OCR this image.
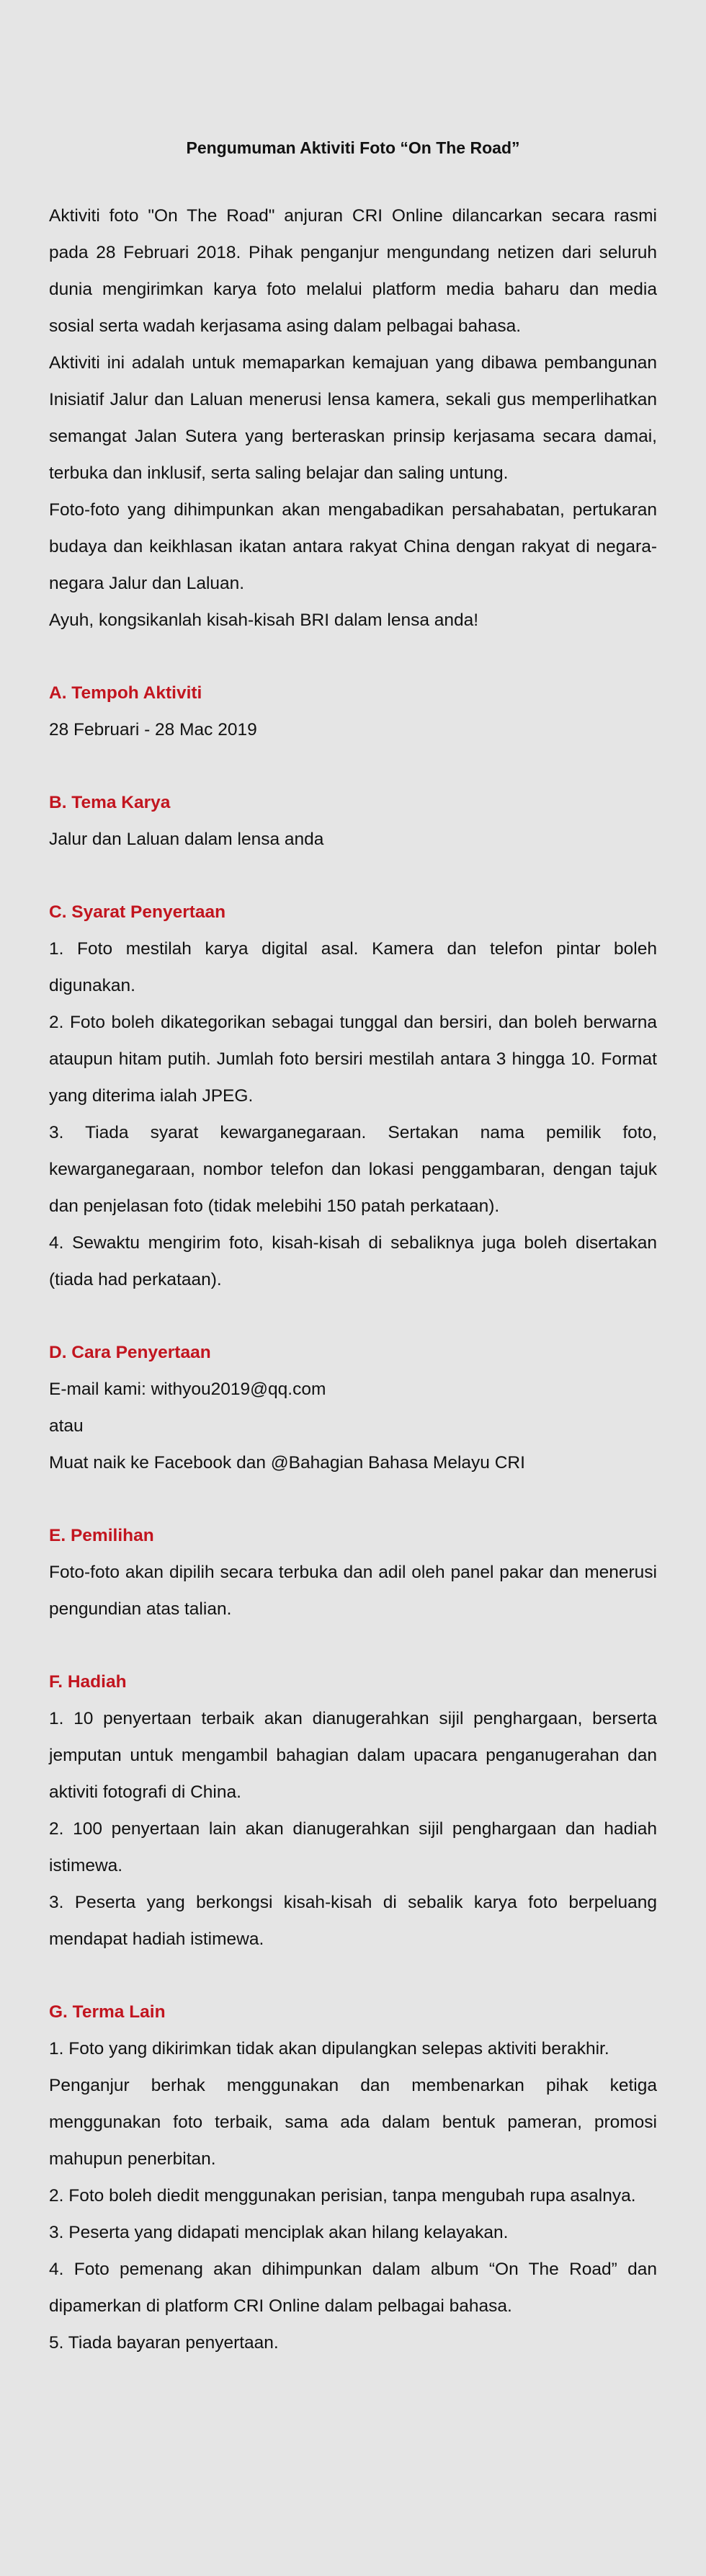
Pengumuman Aktiviti Foto “On The Road”

Aktiviti foto "On The Road" anjuran CRI Online dilancarkan secara rasmi pada 28 Februari 2018. Pihak penganjur mengundang netizen dari seluruh dunia mengirimkan karya foto melalui platform media baharu dan media sosial serta wadah kerjasama asing dalam pelbagai bahasa.

Aktiviti ini adalah untuk memaparkan kemajuan yang dibawa pembangunan Inisiatif Jalur dan Laluan menerusi lensa kamera, sekali gus memperlihatkan semangat Jalan Sutera yang berteraskan prinsip kerjasama secara damai, terbuka dan inklusif, serta saling belajar dan saling untung.

Foto-foto yang dihimpunkan akan mengabadikan persahabatan, pertukaran budaya dan keikhlasan ikatan antara rakyat China dengan rakyat di negara-negara Jalur dan Laluan.

Ayuh, kongsikanlah kisah-kisah BRI dalam lensa anda!

A. Tempoh Aktiviti

28 Februari - 28 Mac 2019

B. Tema Karya

Jalur dan Laluan dalam lensa anda

C. Syarat Penyertaan

1. Foto mestilah karya digital asal. Kamera dan telefon pintar boleh digunakan.

2. Foto boleh dikategorikan sebagai tunggal dan bersiri, dan boleh berwarna ataupun hitam putih. Jumlah foto bersiri mestilah antara 3 hingga 10. Format yang diterima ialah JPEG.

3. Tiada syarat kewarganegaraan. Sertakan nama pemilik foto, kewarganegaraan, nombor telefon dan lokasi penggambaran, dengan tajuk dan penjelasan foto (tidak melebihi 150 patah perkataan).

4. Sewaktu mengirim foto, kisah-kisah di sebaliknya juga boleh disertakan (tiada had perkataan).

D. Cara Penyertaan

E-mail kami: withyou2019@qq.com

atau

Muat naik ke Facebook dan @Bahagian Bahasa Melayu CRI

E. Pemilihan

Foto-foto akan dipilih secara terbuka dan adil oleh panel pakar dan menerusi pengundian atas talian.

F. Hadiah

1. 10 penyertaan terbaik akan dianugerahkan sijil penghargaan, berserta jemputan untuk mengambil bahagian dalam upacara penganugerahan dan aktiviti fotografi di China.

2. 100 penyertaan lain akan dianugerahkan sijil penghargaan dan hadiah istimewa.

3. Peserta yang berkongsi kisah-kisah di sebalik karya foto berpeluang mendapat hadiah istimewa.

G. Terma Lain

1. Foto yang dikirimkan tidak akan dipulangkan selepas aktiviti berakhir.

Penganjur berhak menggunakan dan membenarkan pihak ketiga menggunakan foto terbaik, sama ada dalam bentuk pameran, promosi mahupun penerbitan.

2. Foto boleh diedit menggunakan perisian, tanpa mengubah rupa asalnya.

3. Peserta yang didapati menciplak akan hilang kelayakan.

4. Foto pemenang akan dihimpunkan dalam album “On The Road” dan dipamerkan di platform CRI Online dalam pelbagai bahasa.

5. Tiada bayaran penyertaan.
